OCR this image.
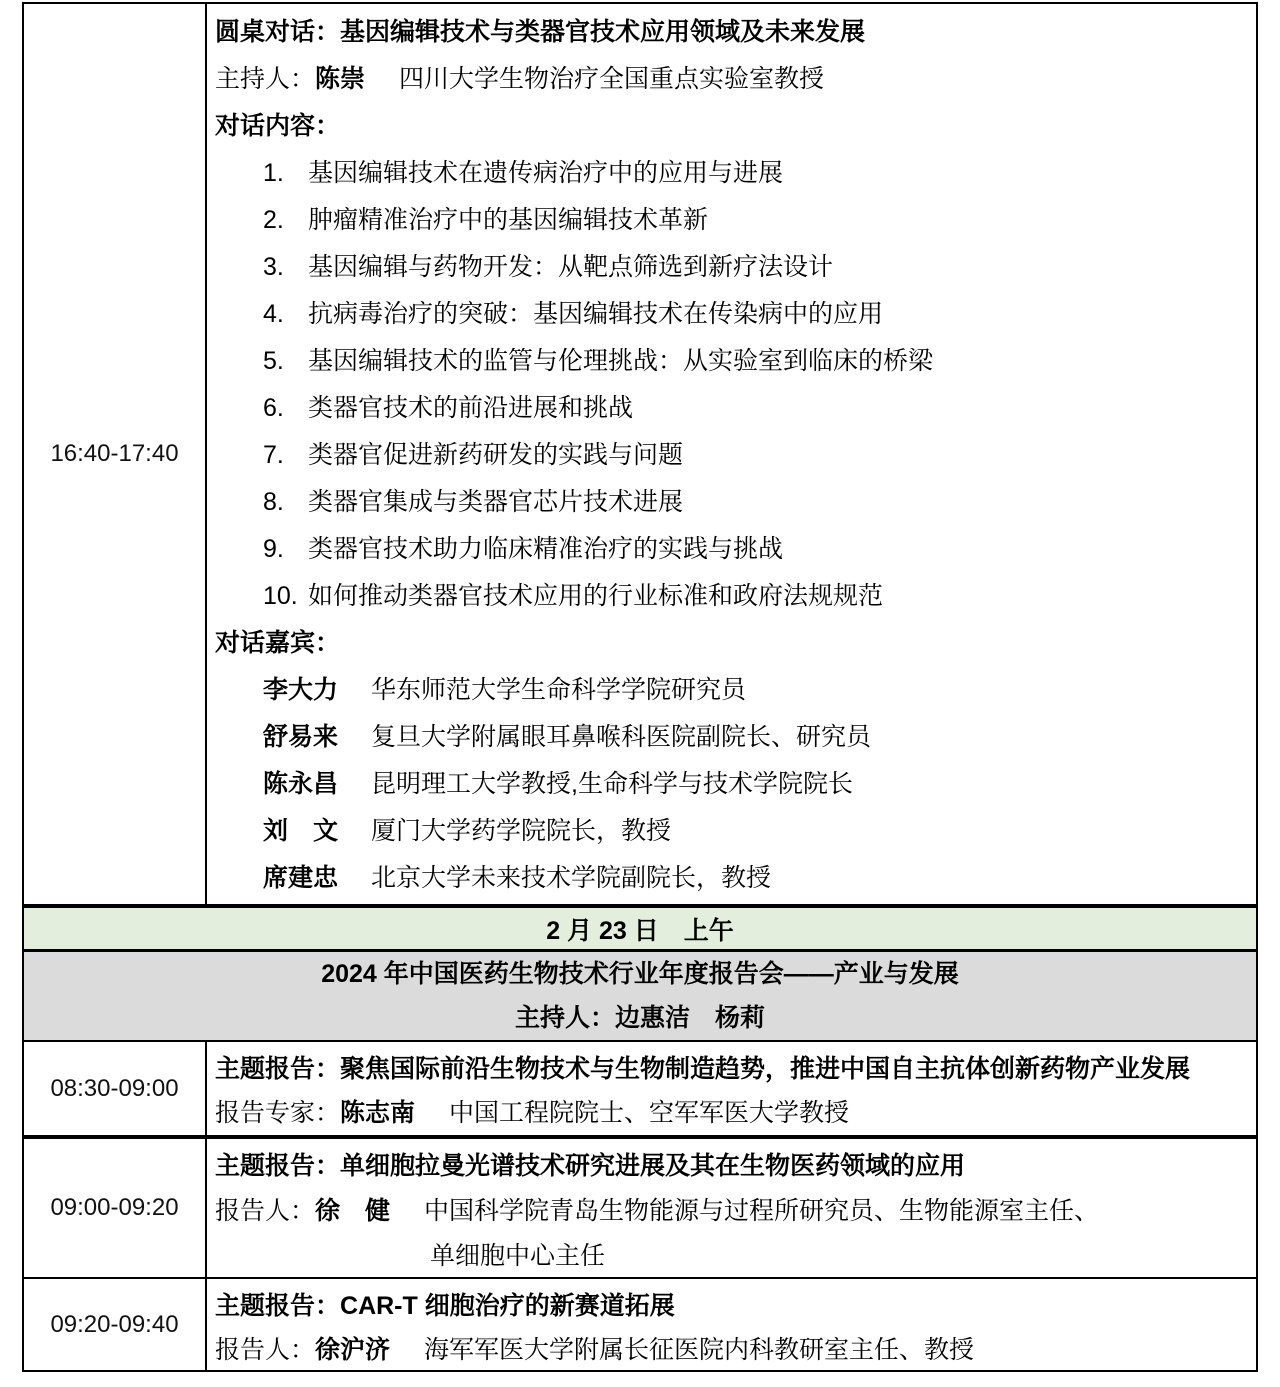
16:40-17:40
圆桌对话：基因编辑技术与类器官技术应用领域及未来发展
主持人：陈崇 四川大学生物治疗全国重点实验室教授
对话内容：
1. 基因编辑技术在遗传病治疗中的应用与进展
2. 肿瘤精准治疗中的基因编辑技术革新
3. 基因编辑与药物开发：从靶点筛选到新疗法设计
4. 抗病毒治疗的突破：基因编辑技术在传染病中的应用
5. 基因编辑技术的监管与伦理挑战：从实验室到临床的桥梁
6. 类器官技术的前沿进展和挑战
7. 类器官促进新药研发的实践与问题
8. 类器官集成与类器官芯片技术进展
9. 类器官技术助力临床精准治疗的实践与挑战
10. 如何推动类器官技术应用的行业标准和政府法规规范
对话嘉宾：
李大力 华东师范大学生命科学学院研究员
舒易来 复旦大学附属眼耳鼻喉科医院副院长、研究员
陈永昌 昆明理工大学教授,生命科学与技术学院院长
刘　文 厦门大学药学院院长，教授
席建忠 北京大学未来技术学院副院长，教授
2 月 23 日　上午
2024 年中国医药生物技术行业年度报告会——产业与发展
主持人：边惠洁　杨莉
08:30-09:00
主题报告：聚焦国际前沿生物技术与生物制造趋势，推进中国自主抗体创新药物产业发展
报告专家：陈志南 中国工程院院士、空军军医大学教授
09:00-09:20
主题报告：单细胞拉曼光谱技术研究进展及其在生物医药领域的应用
报告人：徐　健 中国科学院青岛生物能源与过程所研究员、生物能源室主任、
单细胞中心主任
09:20-09:40
主题报告：CAR-T 细胞治疗的新赛道拓展
报告人：徐沪济 海军军医大学附属长征医院内科教研室主任、教授
